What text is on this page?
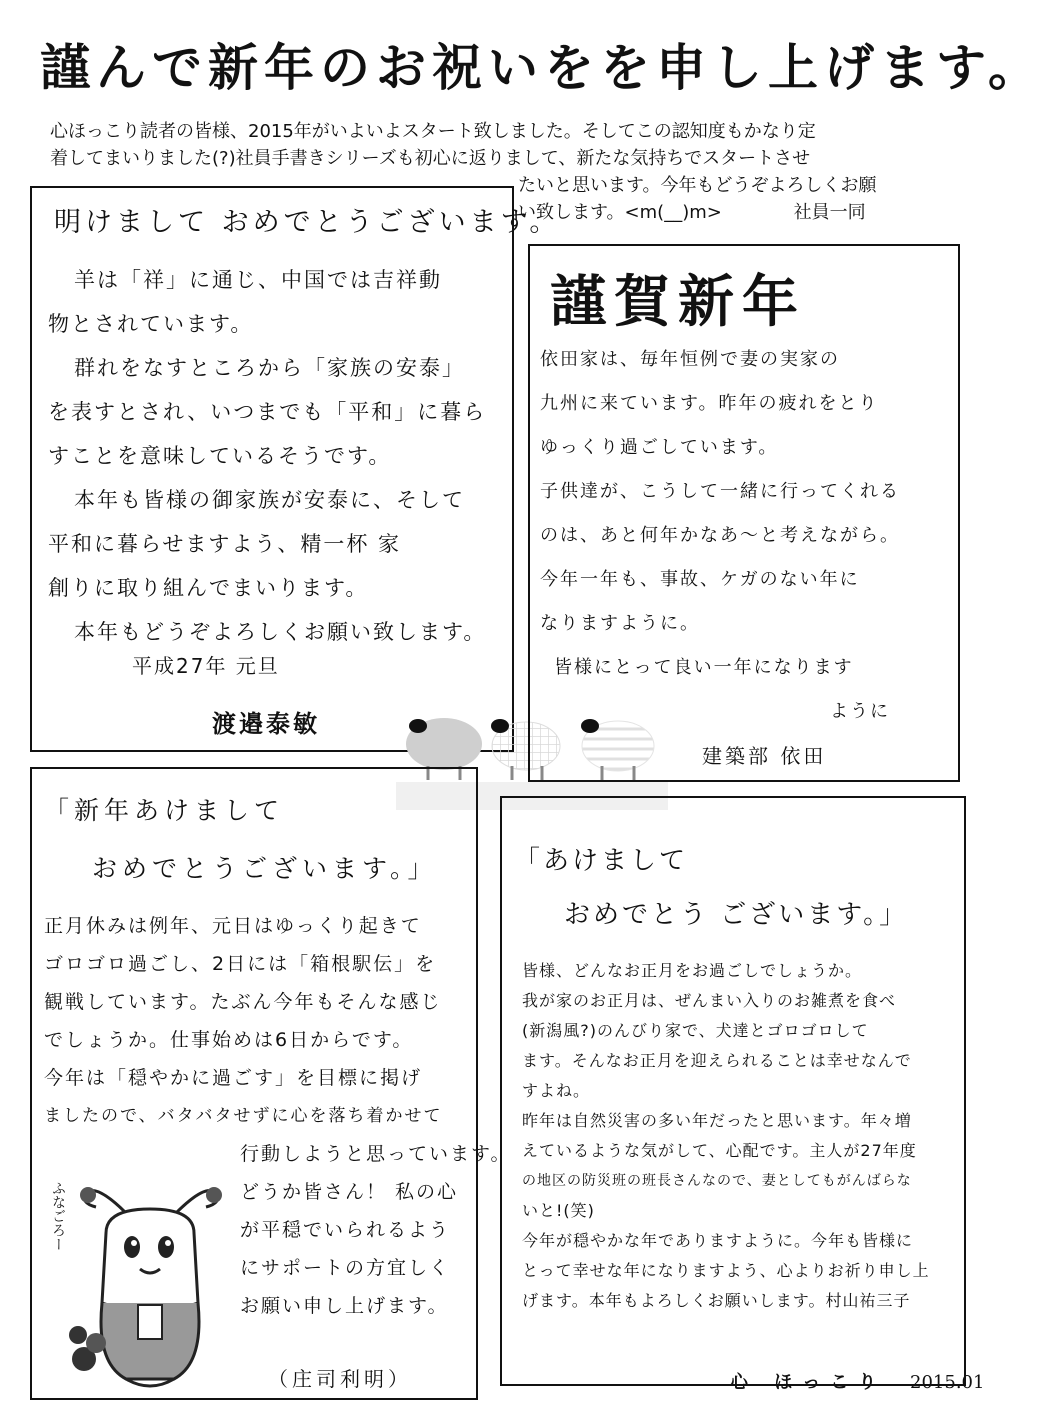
謹んで新年のお祝いをを申し上げます。
心ほっこり読者の皆様、2015年がいよいよスタート致しました。そしてこの認知度もかなり定
着してまいりました(?)社員手書きシリーズも初心に返りまして、新たな気持ちでスタートさせ
たいと思います。今年もどうぞよろしくお願
い致します。<m(__)m>	社員一同
明けまして おめでとうございます。
羊は「祥」に通じ、中国では吉祥動
物とされています。
群れをなすところから「家族の安泰」
を表すとされ、いつまでも「平和」に暮ら
すことを意味しているそうです。
本年も皆様の御家族が安泰に、そして
平和に暮らせますよう、精一杯 家
創りに取り組んでまいります。
本年もどうぞよろしくお願い致します。
平成27年 元旦
渡邉泰敏
謹賀新年
依田家は、毎年恒例で妻の実家の
九州に来ています。昨年の疲れをとり
ゆっくり過ごしています。
子供達が、こうして一緒に行ってくれる
のは、あと何年かなあ～と考えながら。
今年一年も、事故、ケガのない年に
なりますように。
皆様にとって良い一年になります
ように
建築部 依田
「新年あけまして
おめでとうございます。」
正月休みは例年、元日はゆっくり起きて
ゴロゴロ過ごし、2日には「箱根駅伝」を
観戦しています。たぶん今年もそんな感じ
でしょうか。仕事始めは6日からです。
今年は「穏やかに過ごす」を目標に掲げ
ましたので、バタバタせずに心を落ち着かせて
行動しようと思っています。
どうか皆さん！ 私の心
が平穏でいられるよう
にサポートの方宜しく
お願い申し上げます。
（庄司利明）
ふなごろー
「あけまして
おめでとう ございます。」
皆様、どんなお正月をお過ごしでしょうか。
我が家のお正月は、ぜんまい入りのお雑煮を食べ
(新潟風?)のんびり家で、犬達とゴロゴロして
ます。そんなお正月を迎えられることは幸せなんで
すよね。
昨年は自然災害の多い年だったと思います。年々増
えているような気がして、心配です。主人が27年度
の地区の防災班の班長さんなので、妻としてもがんばらな
いと!(笑)
今年が穏やかな年でありますように。今年も皆様に
とって幸せな年になりますよう、心よりお祈り申し上
げます。本年もよろしくお願いします。村山祐三子
心 ほっこり 2015.01
